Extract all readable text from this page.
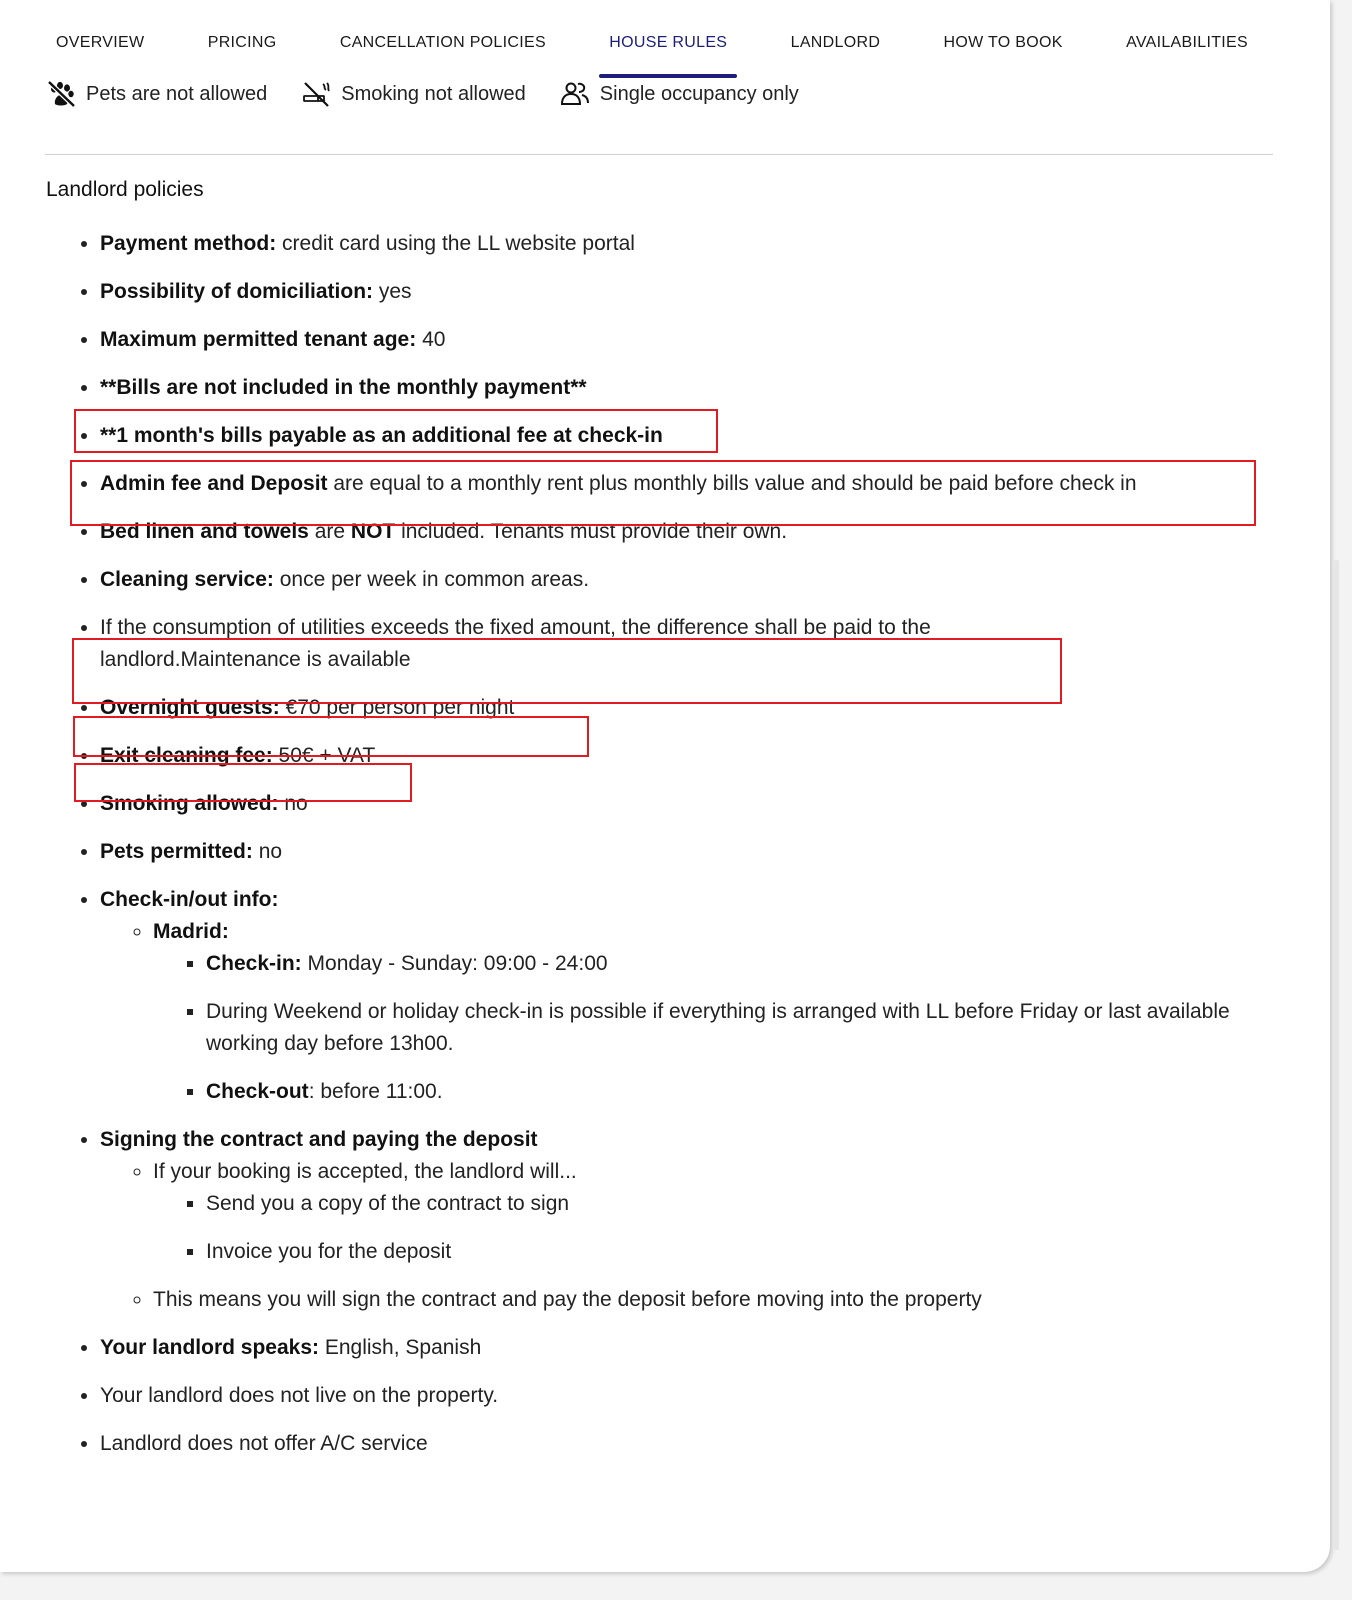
OVERVIEW	PRICING	CANCELLATION POLICIES	HOUSE RULES	LANDLORD	HOW TO BOOK	AVAILABILITIES
Pets are not allowed	Smoking not allowed	Single occupancy only
Landlord policies
• Payment method: credit card using the LL website portal
• Possibility of domiciliation: yes
• Maximum permitted tenant age: 40
• **Bills are not included in the monthly payment**
• **1 month's bills payable as an additional fee at check-in
• Admin fee and Deposit are equal to a monthly rent plus monthly bills value and should be paid before check in
• Bed linen and towels are NOT included. Tenants must provide their own.
• Cleaning service: once per week in common areas.
• If the consumption of utilities exceeds the fixed amount, the difference shall be paid to the landlord.Maintenance is available
• Overnight guests: €70 per person per night
• Exit cleaning fee: 50€ + VAT
• Smoking allowed: no
• Pets permitted: no
• Check-in/out info:
◦ Madrid:
▪ Check-in: Monday - Sunday: 09:00 - 24:00
▪ During Weekend or holiday check-in is possible if everything is arranged with LL before Friday or last available working day before 13h00.
▪ Check-out: before 11:00.
• Signing the contract and paying the deposit
◦ If your booking is accepted, the landlord will...
▪ Send you a copy of the contract to sign
▪ Invoice you for the deposit
◦ This means you will sign the contract and pay the deposit before moving into the property
• Your landlord speaks: English, Spanish
• Your landlord does not live on the property.
• Landlord does not offer A/C service
